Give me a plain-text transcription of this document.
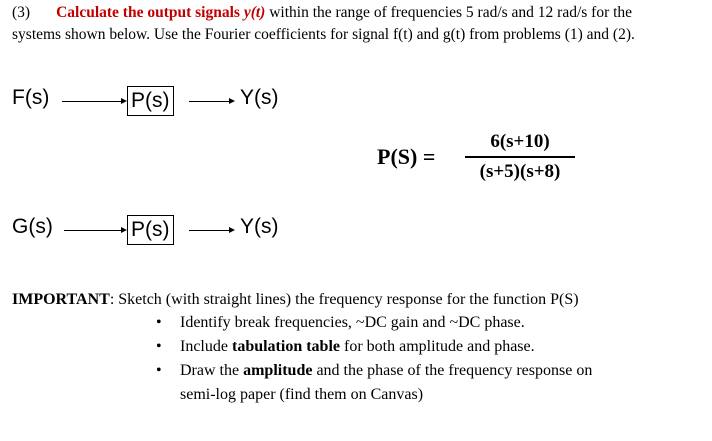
(3) Calculate the output signals y(t) within the range of frequencies 5 rad/s and 12 rad/s for the
systems shown below. Use the Fourier coefficients for signal f(t) and g(t) from problems (1) and (2).
F(s)	P(s)	Y(s)
P(S) =
6(s+10)
(s+5)(s+8)
G(s)	P(s)	Y(s)
IMPORTANT: Sketch (with straight lines) the frequency response for the function P(S)
• Identify break frequencies, ~DC gain and ~DC phase.
• Include tabulation table for both amplitude and phase.
• Draw the amplitude and the phase of the frequency response on
semi-log paper (find them on Canvas)
